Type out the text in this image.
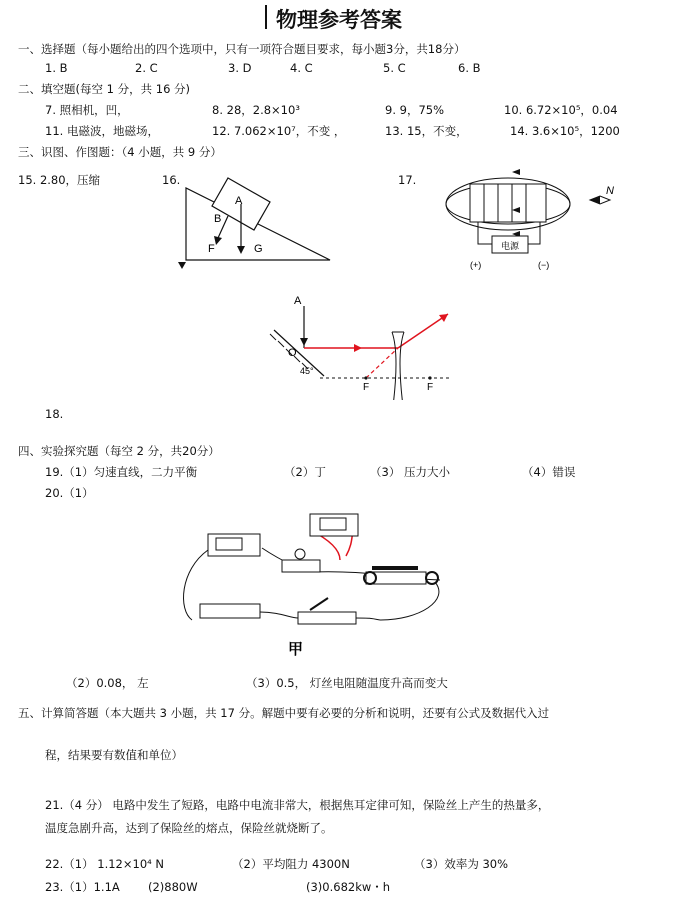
物理参考答案
一、选择题（每小题给出的四个选项中，只有一项符合题目要求，每小题3分，共18分）
1. B	2. C	3. D	4. C	5. C	6. B
二、填空题(每空 1 分，共 16 分)
7. 照相机，凹，	8. 28，2.8×10³	9. 9，75%	10. 6.72×10⁵，0.04
11. 电磁波，地磁场，	12. 7.062×10⁷，不变 ，	13. 15，不变，	14. 3.6×10⁵，1200
三、识图、作图题：（4 小题，共 9 分）
15. 2.80，压缩	16.	17.
A
B
F	G	电源
N
(+)	(−)
A
O
45°
F	F
18.
四、实验探究题（每空 2 分，共20分）
19.（1）匀速直线，二力平衡	（2）丁	（3） 压力大小	（4）错误
20.（1）
甲
（2）0.08， 左	（3）0.5， 灯丝电阻随温度升高而变大
五、计算简答题（本大题共 3 小题，共 17 分。解题中要有必要的分析和说明，还要有公式及数据代入过
程，结果要有数值和单位）
21.（4 分） 电路中发生了短路，电路中电流非常大，根据焦耳定律可知，保险丝上产生的热量多，
温度急剧升高，达到了保险丝的熔点，保险丝就烧断了。
22.（1） 1.12×10⁴ N	（2）平均阻力 4300N	（3）效率为 30%
23.（1）1.1A (2)880W	(3)0.682kw・h
